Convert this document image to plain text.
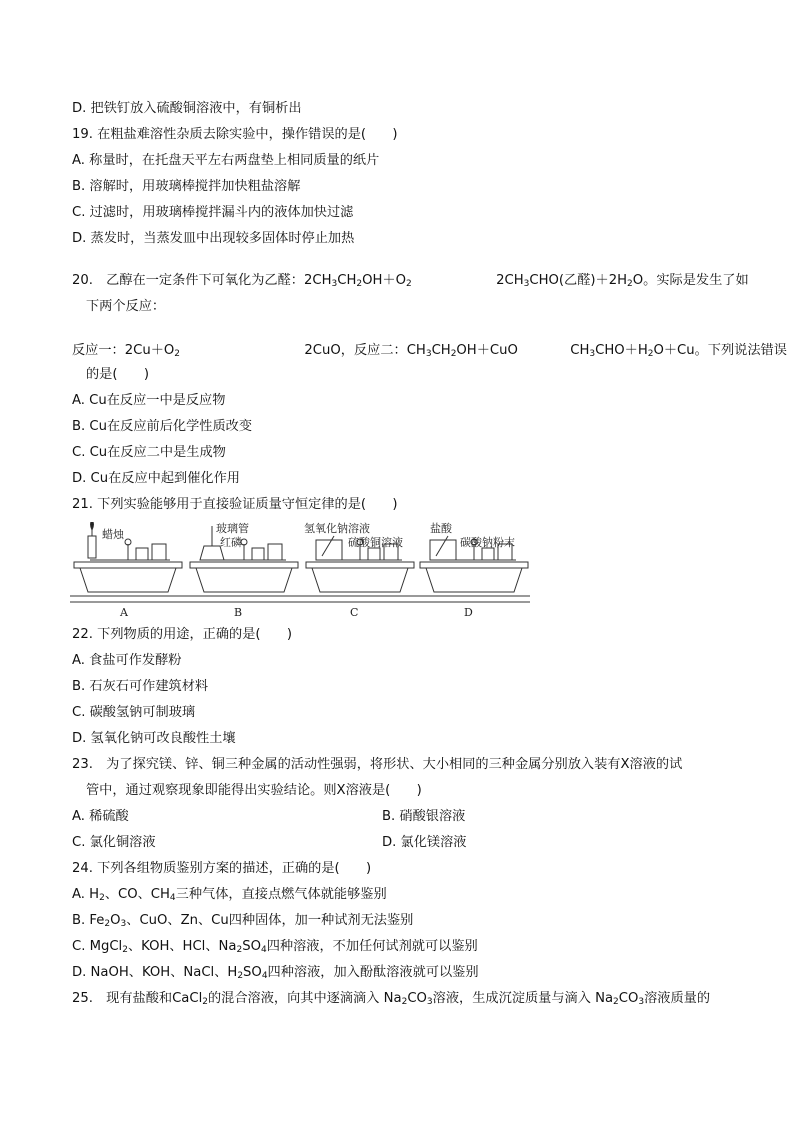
D. 把铁钉放入硫酸铜溶液中，有铜析出
19. 在粗盐难溶性杂质去除实验中，操作错误的是(　　)
A. 称量时，在托盘天平左右两盘垫上相同质量的纸片
B. 溶解时，用玻璃棒搅拌加快粗盐溶解
C. 过滤时，用玻璃棒搅拌漏斗内的液体加快过滤
D. 蒸发时，当蒸发皿中出现较多固体时停止加热
20.　乙醇在一定条件下可氧化为乙醛：$2CH_3CH_2OH+O_2$	$2CH_3CHO$(乙醛)$+2H_2O$。实际是发生了如
下两个反应：
反应一：$2Cu+O_2$	2CuO，反应二：$CH_3CH_2OH+CuO$	$CH_3CHO+H_2O+Cu$。下列说法错误
的是(　　)
A. Cu在反应一中是反应物
B. Cu在反应前后化学性质改变
C. Cu在反应二中是生成物
D. Cu在反应中起到催化作用
21. 下列实验能够用于直接验证质量守恒定律的是(　　)
蜡烛	玻璃管
红磷
氢氧化钠溶液
硫酸铜溶液
盐酸
碳酸钠粉末
A	B	C	D
22. 下列物质的用途，正确的是(　　)
A. 食盐可作发酵粉
B. 石灰石可作建筑材料
C. 碳酸氢钠可制玻璃
D. 氢氧化钠可改良酸性土壤
23.　为了探究镁、锌、铜三种金属的活动性强弱，将形状、大小相同的三种金属分别放入装有X溶液的试
管中，通过观察现象即能得出实验结论。则X溶液是(　　)
A. 稀硫酸	B. 硝酸银溶液
C. 氯化铜溶液	D. 氯化镁溶液
24. 下列各组物质鉴别方案的描述，正确的是(　　)
A. $H_2$、CO、$CH_4$三种气体，直接点燃气体就能够鉴别
B. $Fe_2O_3$、CuO、Zn、Cu四种固体，加一种试剂无法鉴别
C. MgCl$_2$、KOH、HCl、$Na_2SO_4$四种溶液，不加任何试剂就可以鉴别
D. NaOH、KOH、NaCl、$H_2SO_4$四种溶液，加入酚酞溶液就可以鉴别
25.　现有盐酸和CaCl$_2$的混合溶液，向其中逐滴滴入 $Na_2CO_3$溶液，生成沉淀质量与滴入 $Na_2CO_3$溶液质量的
